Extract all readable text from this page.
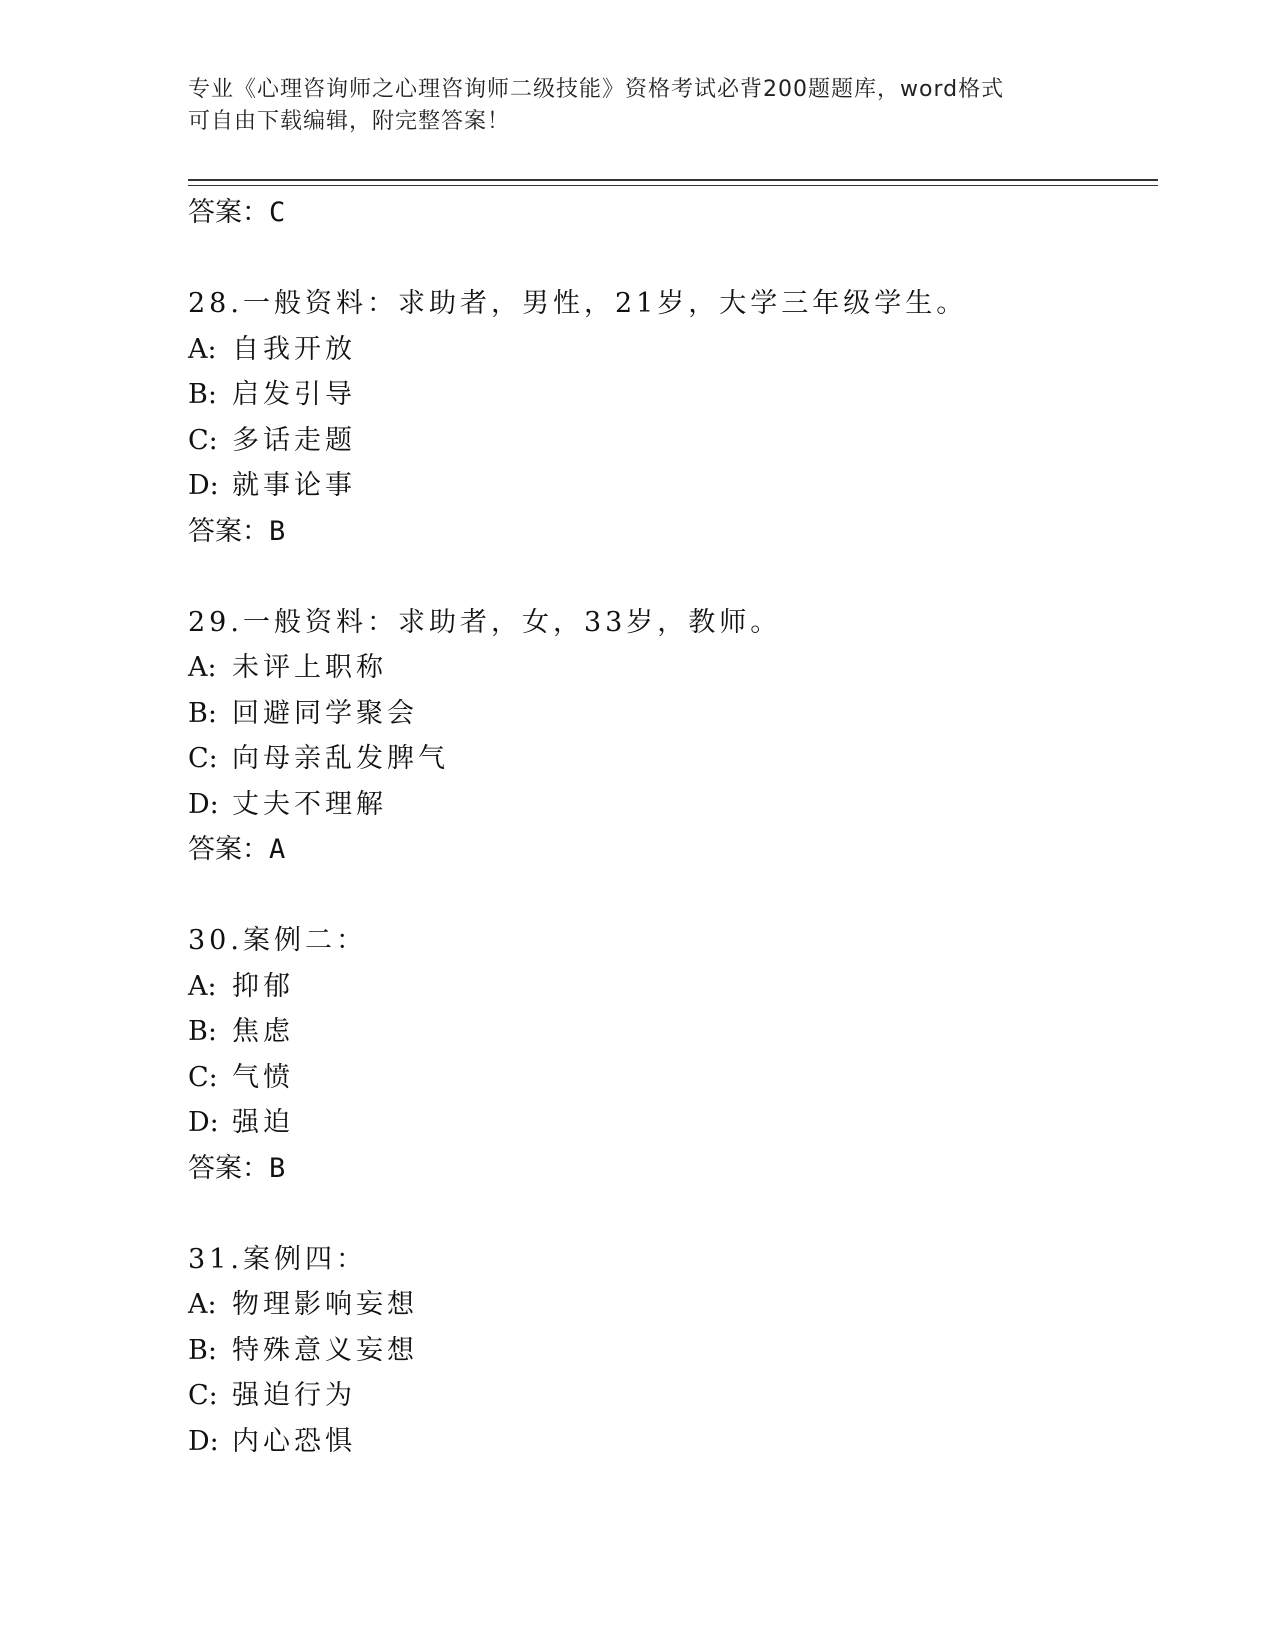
专业《心理咨询师之心理咨询师二级技能》资格考试必背200题题库，word格式
可自由下载编辑，附完整答案！
答案：C
28.一般资料：求助者，男性，21岁，大学三年级学生。
A: 自我开放
B: 启发引导
C: 多话走题
D: 就事论事
答案：B
29.一般资料：求助者，女，33岁，教师。
A: 未评上职称
B: 回避同学聚会
C: 向母亲乱发脾气
D: 丈夫不理解
答案：A
30.案例二：
A: 抑郁
B: 焦虑
C: 气愤
D: 强迫
答案：B
31.案例四：
A: 物理影响妄想
B: 特殊意义妄想
C: 强迫行为
D: 内心恐惧
